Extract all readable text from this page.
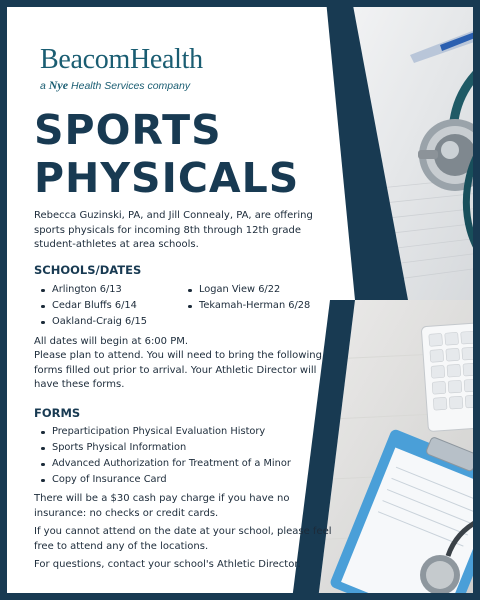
BeacomHealth
a Nye Health Services company
SPORTS
PHYSICALS

Rebecca Guzinski, PA, and Jill Connealy, PA, are offering sports physicals for incoming 8th through 12th grade student-athletes at area schools.

SCHOOLS/DATES
Arlington 6/13
Cedar Bluffs 6/14
Oakland-Craig 6/15
Logan View 6/22
Tekamah-Herman 6/28

All dates will begin at 6:00 PM.

Please plan to attend. You will need to bring the following forms filled out prior to arrival. Your Athletic Director will have these forms.

FORMS
Preparticipation Physical Evaluation History
Sports Physical Information
Advanced Authorization for Treatment of a Minor
Copy of Insurance Card

There will be a $30 cash pay charge if you have no insurance: no checks or credit cards.

If you cannot attend on the date at your school, please feel free to attend any of the locations.

For questions, contact your school's Athletic Director.
